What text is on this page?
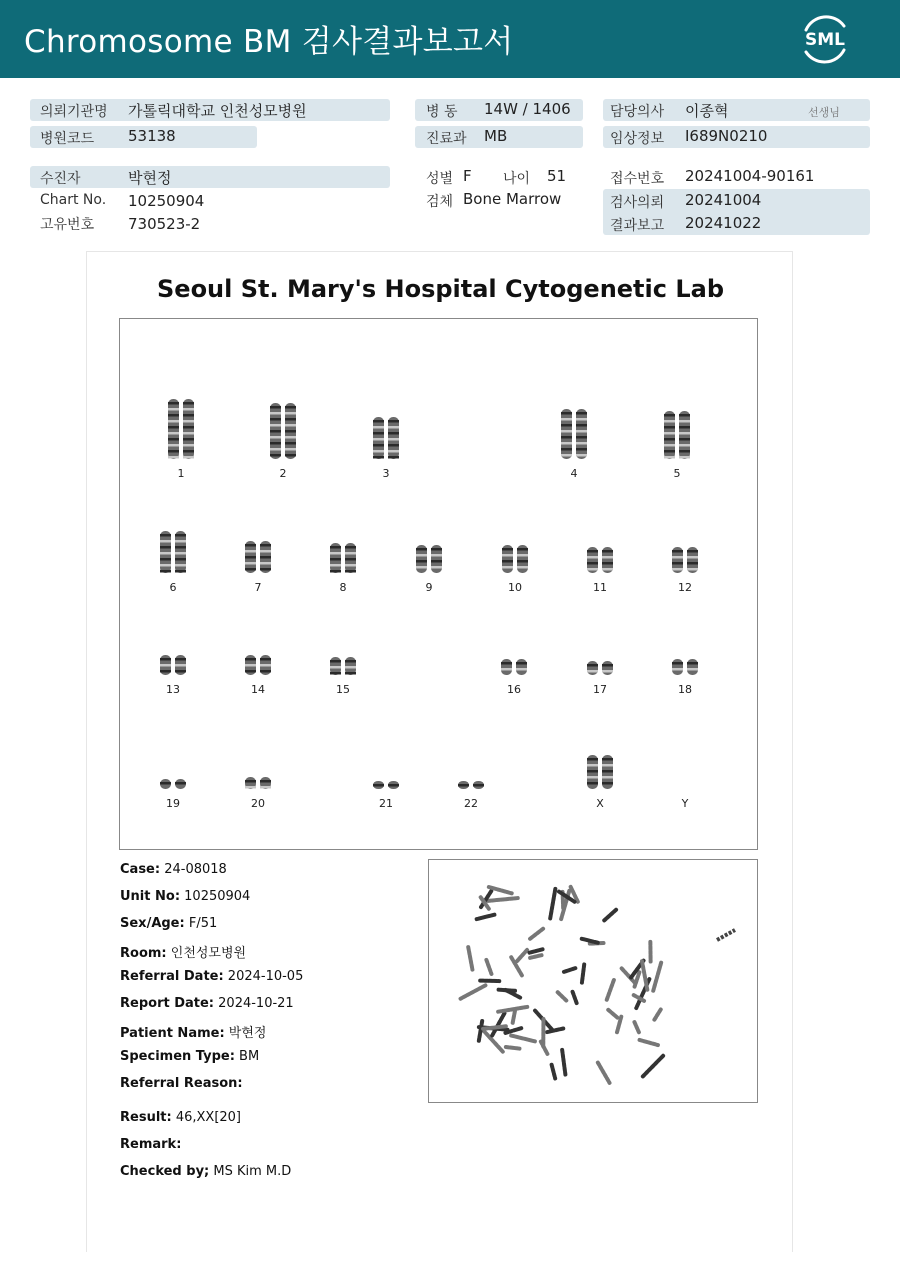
Chromosome BM 검사결과보고서	SML
의뢰기관명 가톨릭대학교 인천성모병원
병원코드 53138
병 동 14W / 1406
진료과 MB
담당의사 이종혁	선생님
임상정보 I689N0210
수진자	박현정
Chart No. 10250904
고유번호 730523-2
성별 F 나이 51
검체 Bone Marrow
접수번호 20241004-90161
검사의뢰 20241004
결과보고 20241022
Seoul St. Mary's Hospital Cytogenetic Lab
1	2	3	4	5
6	7	8	9	10	11	12
13	14	15	16	17	18
19	20	21	22	X	Y
Case: 24-08018
Unit No: 10250904
Sex/Age: F/51
Room: 인천성모병원
Referral Date: 2024-10-05
Report Date: 2024-10-21
Patient Name: 박현정
Specimen Type: BM
Referral Reason:
Result: 46,XX[20]
Remark:
Checked by; MS Kim M.D
